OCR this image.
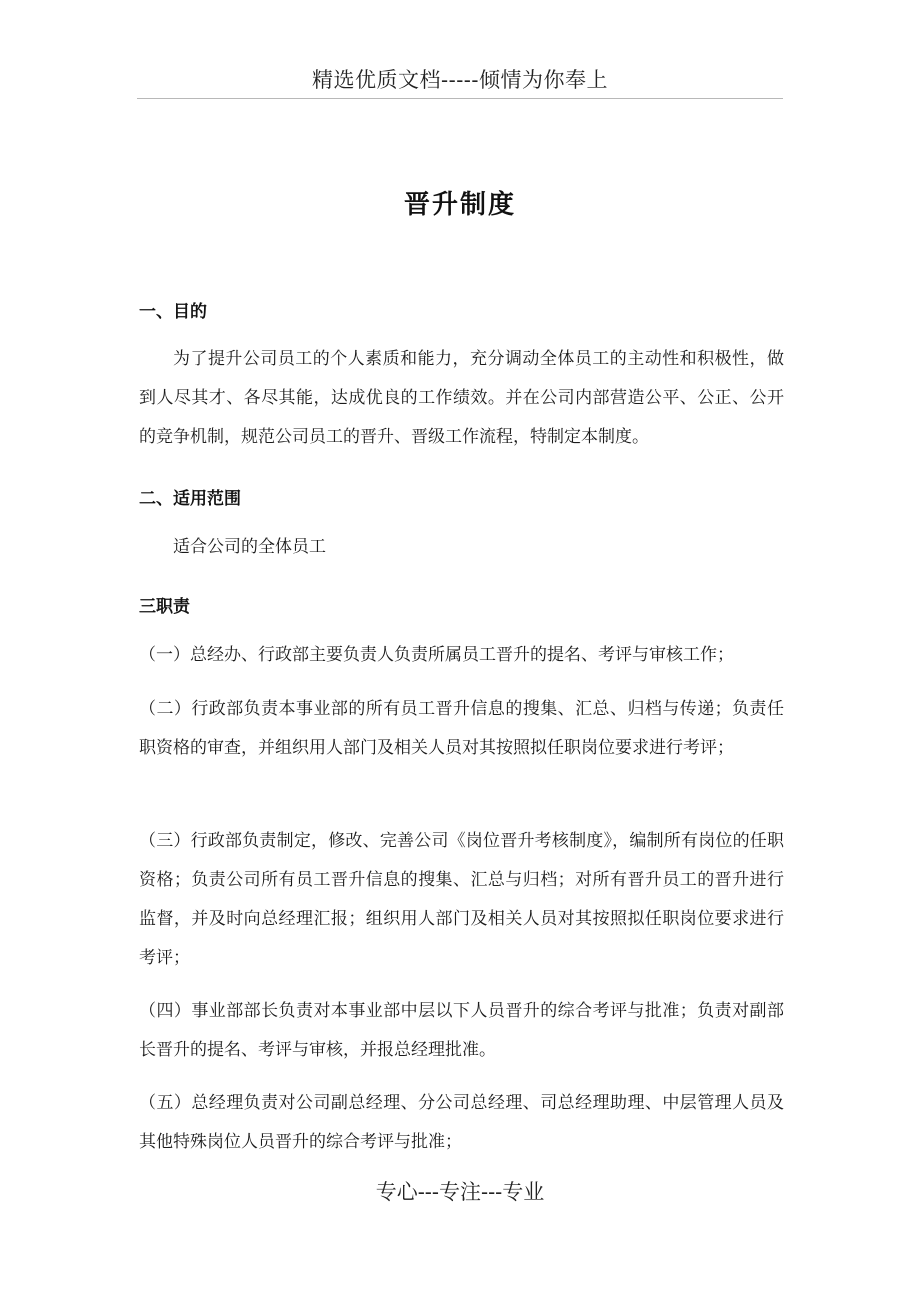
精选优质文档-----倾情为你奉上
晋升制度
一、目的

为了提升公司员工的个人素质和能力，充分调动全体员工的主动性和积极性，做到人尽其才、各尽其能，达成优良的工作绩效。并在公司内部营造公平、公正、公开的竞争机制，规范公司员工的晋升、晋级工作流程，特制定本制度。

二、适用范围

适合公司的全体员工

三职责

（一）总经办、行政部主要负责人负责所属员工晋升的提名、考评与审核工作；

（二）行政部负责本事业部的所有员工晋升信息的搜集、汇总、归档与传递；负责任职资格的审查，并组织用人部门及相关人员对其按照拟任职岗位要求进行考评；

（三）行政部负责制定，修改、完善公司《岗位晋升考核制度》，编制所有岗位的任职资格；负责公司所有员工晋升信息的搜集、汇总与归档；对所有晋升员工的晋升进行监督，并及时向总经理汇报；组织用人部门及相关人员对其按照拟任职岗位要求进行考评；

（四）事业部部长负责对本事业部中层以下人员晋升的综合考评与批准；负责对副部长晋升的提名、考评与审核，并报总经理批准。

（五）总经理负责对公司副总经理、分公司总经理、司总经理助理、中层管理人员及其他特殊岗位人员晋升的综合考评与批准；

专心---专注---专业
